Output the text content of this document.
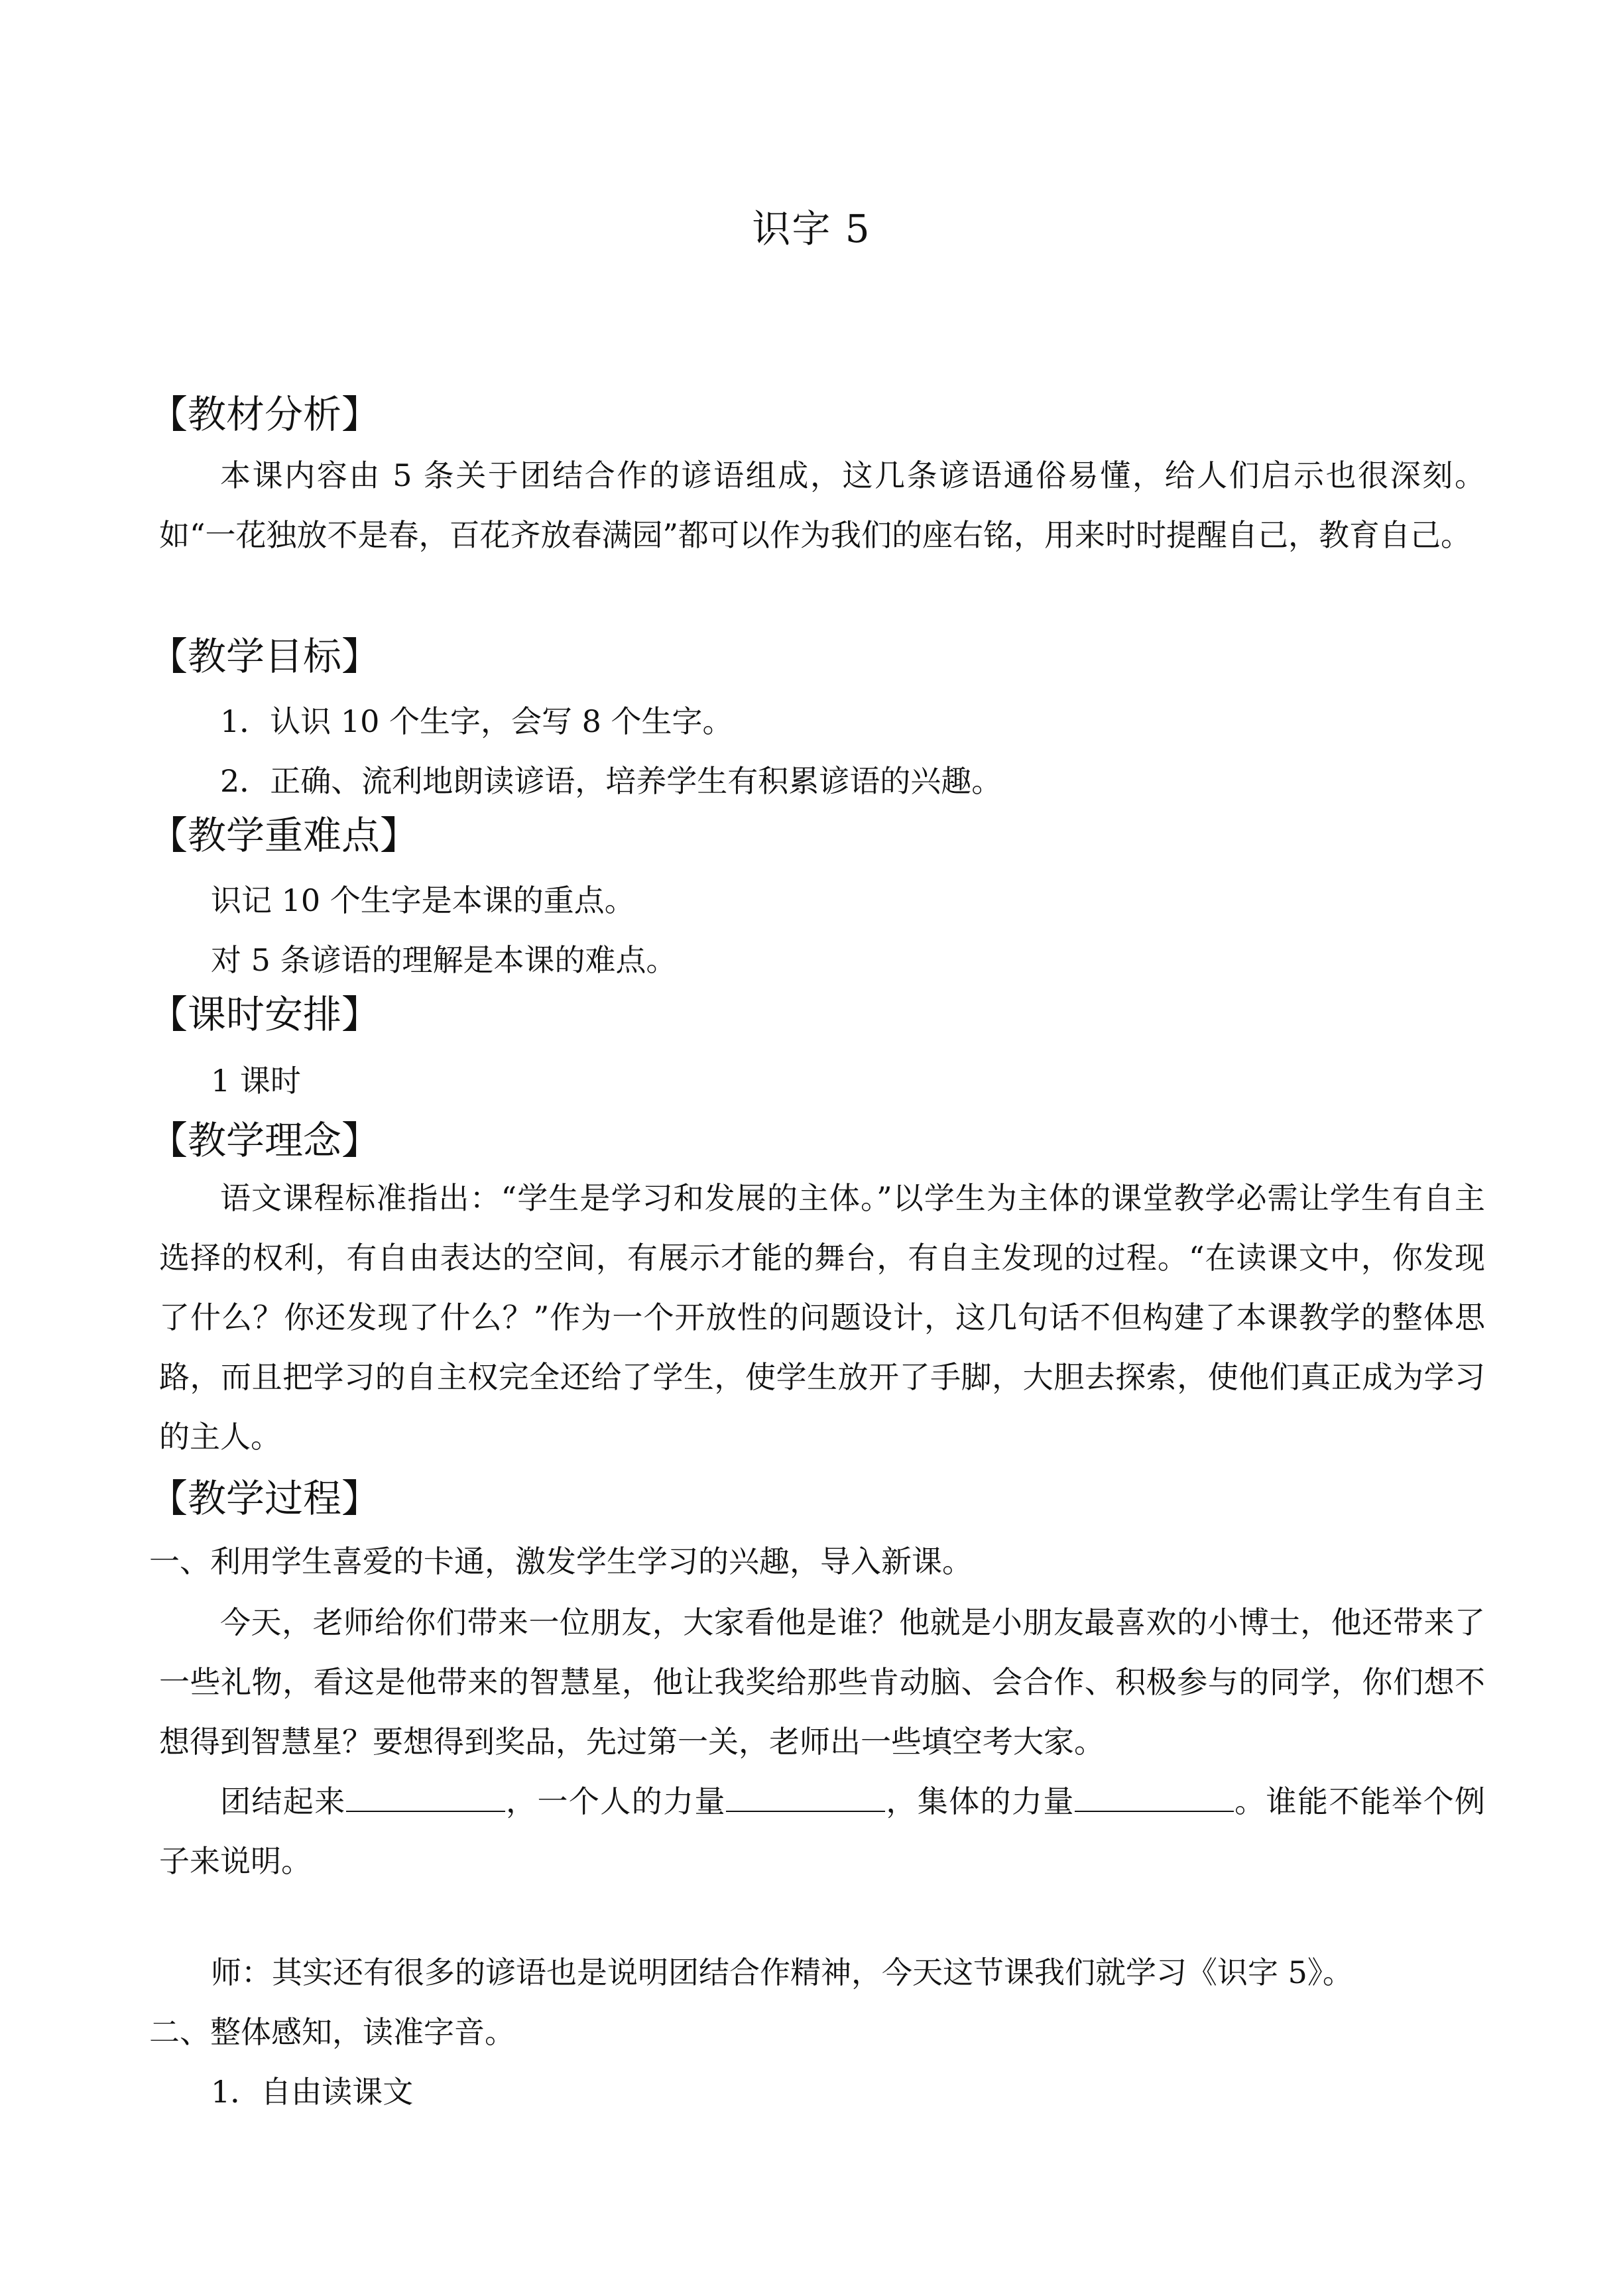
识字 5
【教材分析】
本课内容由 5 条关于团结合作的谚语组成，这几条谚语通俗易懂，给人们启示也很深刻。如“一花独放不是春，百花齐放春满园”都可以作为我们的座右铭，用来时时提醒自己，教育自己。
【教学目标】
1．认识 10 个生字，会写 8 个生字。
2．正确、流利地朗读谚语，培养学生有积累谚语的兴趣。
【教学重难点】
识记 10 个生字是本课的重点。
对 5 条谚语的理解是本课的难点。
【课时安排】
1 课时
【教学理念】
语文课程标准指出：“学生是学习和发展的主体。”以学生为主体的课堂教学必需让学生有自主选择的权利，有自由表达的空间，有展示才能的舞台，有自主发现的过程。“在读课文中，你发现了什么？你还发现了什么？”作为一个开放性的问题设计，这几句话不但构建了本课教学的整体思路，而且把学习的自主权完全还给了学生，使学生放开了手脚，大胆去探索，使他们真正成为学习的主人。
【教学过程】
一、利用学生喜爱的卡通，激发学生学习的兴趣，导入新课。
今天，老师给你们带来一位朋友，大家看他是谁？他就是小朋友最喜欢的小博士，他还带来了一些礼物，看这是他带来的智慧星，他让我奖给那些肯动脑、会合作、积极参与的同学，你们想不想得到智慧星？要想得到奖品，先过第一关，老师出一些填空考大家。
团结起来	，一个人的力量	，集体的力量	。谁能不能举个例子来说明。
师：其实还有很多的谚语也是说明团结合作精神，今天这节课我们就学习《识字 5》。
二、整体感知，读准字音。
1．自由读课文
